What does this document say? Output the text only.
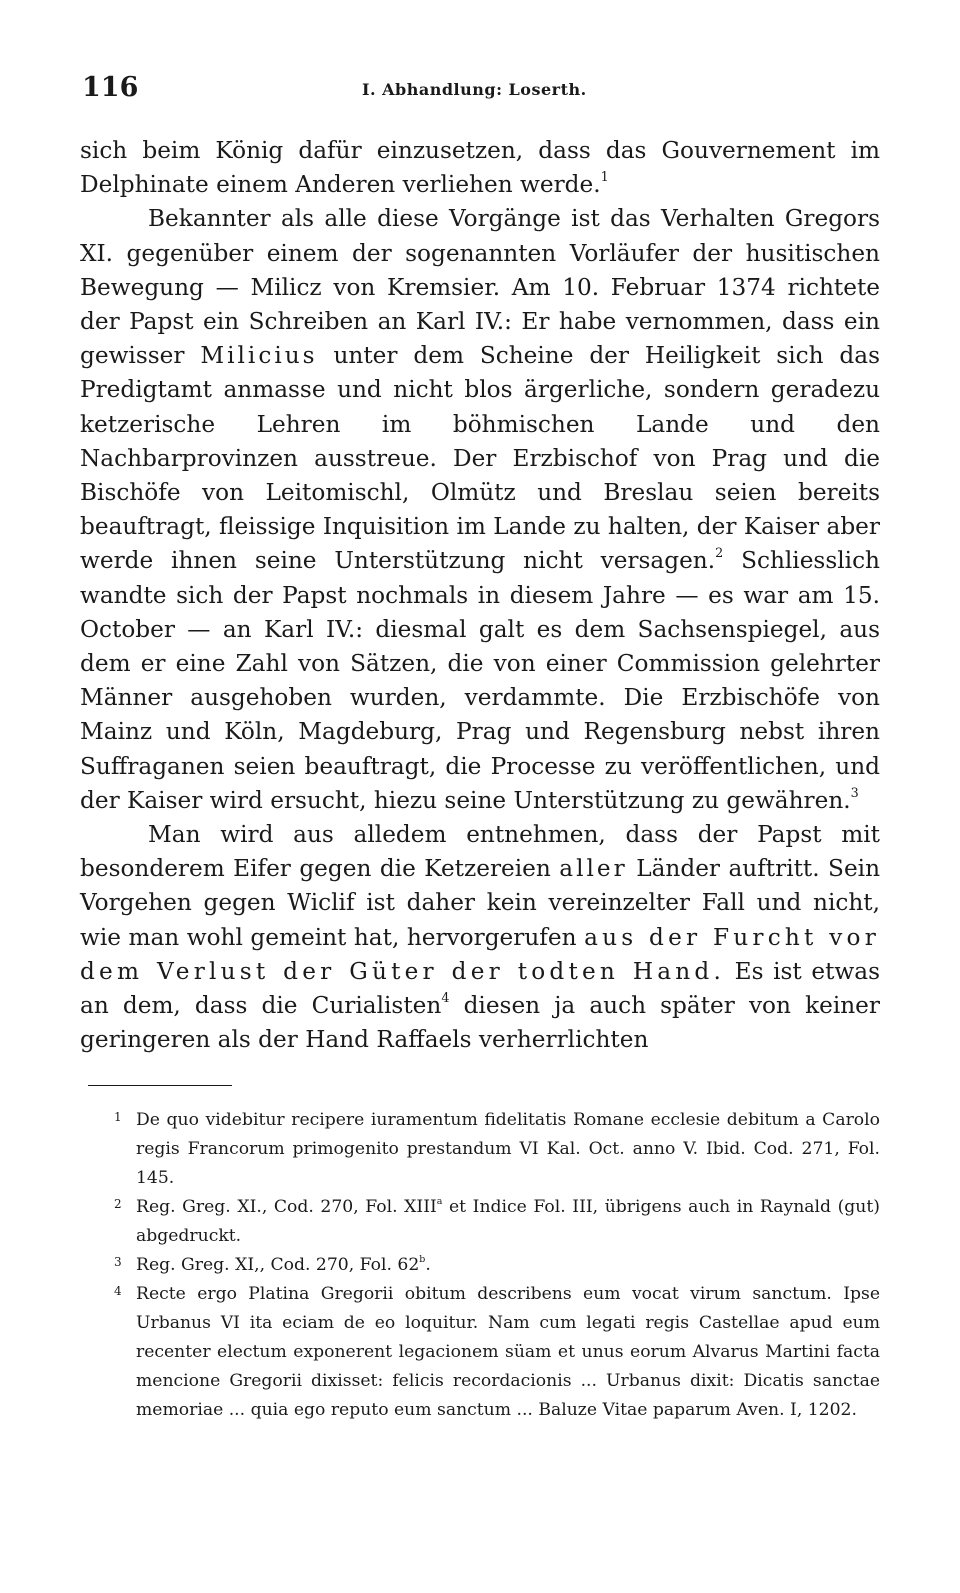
116	I. Abhandlung: Loserth.

sich beim König dafür einzusetzen, dass das Gouvernement im Delphinate einem Anderen verliehen werde.$^1$

Bekannter als alle diese Vorgänge ist das Verhalten Gregors XI. gegenüber einem der sogenannten Vorläufer der husitischen Bewegung — Milicz von Kremsier. Am 10. Februar 1374 richtete der Papst ein Schreiben an Karl IV.: Er habe vernommen, dass ein gewisser Milicius unter dem Scheine der Heiligkeit sich das Predigtamt anmasse und nicht blos ärgerliche, sondern geradezu ketzerische Lehren im böhmischen Lande und den Nachbarprovinzen ausstreue. Der Erzbischof von Prag und die Bischöfe von Leitomischl, Olmütz und Breslau seien bereits beauftragt, fleissige Inquisition im Lande zu halten, der Kaiser aber werde ihnen seine Unterstützung nicht versagen.$^2$ Schliesslich wandte sich der Papst nochmals in diesem Jahre — es war am 15. October — an Karl IV.: diesmal galt es dem Sachsenspiegel, aus dem er eine Zahl von Sätzen, die von einer Commission gelehrter Männer ausgehoben wurden, verdammte. Die Erzbischöfe von Mainz und Köln, Magdeburg, Prag und Regensburg nebst ihren Suffraganen seien beauftragt, die Processe zu veröffentlichen, und der Kaiser wird ersucht, hiezu seine Unterstützung zu gewähren.$^3$

Man wird aus alledem entnehmen, dass der Papst mit besonderem Eifer gegen die Ketzereien aller Länder auftritt. Sein Vorgehen gegen Wiclif ist daher kein vereinzelter Fall und nicht, wie man wohl gemeint hat, hervorgerufen aus der Furcht vor dem Verlust der Güter der todten Hand. Es ist etwas an dem, dass die Curialisten$^4$ diesen ja auch später von keiner geringeren als der Hand Raffaels verherrlichten

1 De quo videbitur recipere iuramentum fidelitatis Romane ecclesie debitum a Carolo regis Francorum primogenito prestandum VI Kal. Oct. anno V. Ibid. Cod. 271, Fol. 145.
2 Reg. Greg. XI., Cod. 270, Fol. XIII$^a$ et Indice Fol. III, übrigens auch in Raynald (gut) abgedruckt.
3 Reg. Greg. XI,, Cod. 270, Fol. 62$^b$.
4 Recte ergo Platina Gregorii obitum describens eum vocat virum sanctum. Ipse Urbanus VI ita eciam de eo loquitur. Nam cum legati regis Castellae apud eum recenter electum exponerent legacionem süam et unus eorum Alvarus Martini facta mencione Gregorii dixisset: felicis recordacionis ... Urbanus dixit: Dicatis sanctae memoriae ... quia ego reputo eum sanctum ... Baluze Vitae paparum Aven. I, 1202.
